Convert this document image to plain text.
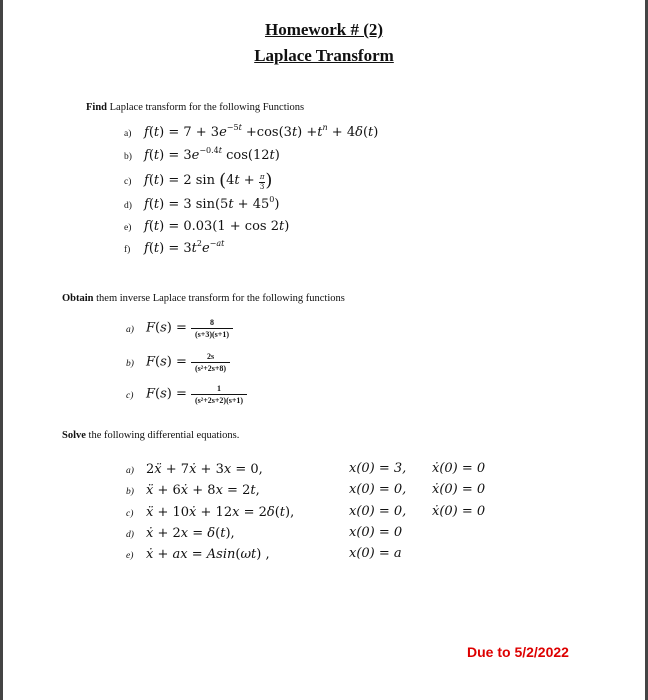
Homework # (2)
Laplace Transform
Find Laplace transform for the following Functions
a) $f(t) = 7 + 3e^{-5t} +\cos(3t) +t^n + 4\delta(t)$
b) $f(t) = 3e^{-0.4t}$ cos(12t)
c) f(t) = 2 $\sin (4t + \frac{\pi}{3}$ )
d) f(t) = 3 $\sin(5t + 45^0)$
e) f(t) = 0.03(1 + cos 2t)
f) $f(t) = 3t^2e^{-at}$
Obtain them inverse Laplace transform for the following functions
a) $F(s) = \frac{8}{(s+3)(s+1)}$
b) $F(s) = \frac{2s}{\text{(s²+2s+8)}}$
c) $F(s) = \frac{1}{\text{(s²+2s+2)(s+1)}}$
Solve the following differential equations.
a) 2ẍ + 7ẋ + 3x = 0,
b) ẍ + 6ẋ + 8x = 2t,
c) ẍ + 10ẋ + 12x = 2δ(t),
d) ẋ + 2x = δ(t),
e) ẋ + ax = Asin(ωt) ,
x(0) = 3, ẋ(0) = 0
x(0) = 0, ẋ(0) = 0
x(0) = 0, ẋ(0) = 0
x(0) = 0
x(0) = a
Due to 5/2/2022
